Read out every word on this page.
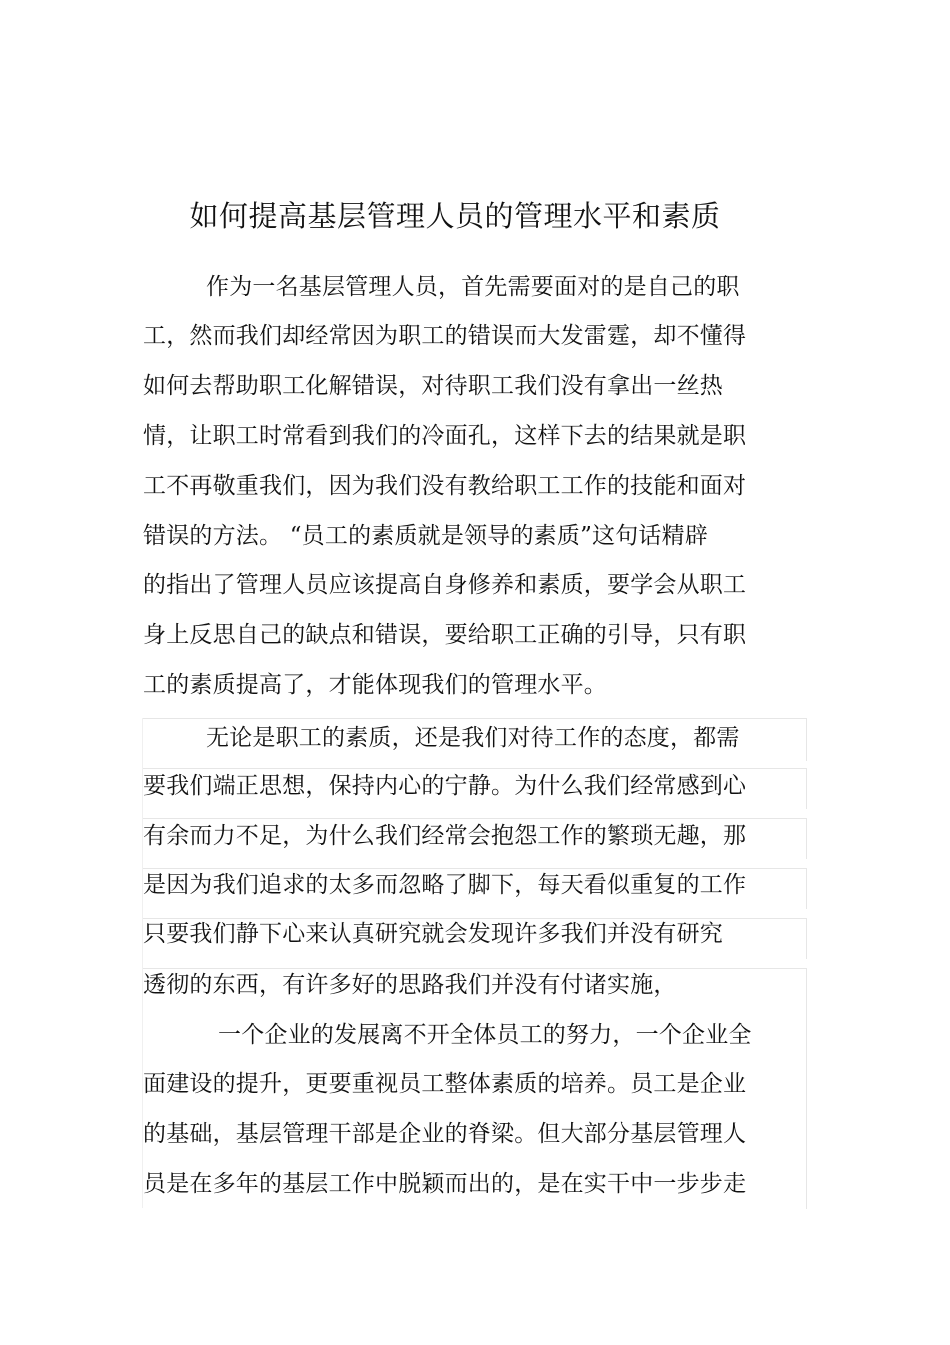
如何提高基层管理人员的管理水平和素质
作为一名基层管理人员，首先需要面对的是自己的职
工，然而我们却经常因为职工的错误而大发雷霆，却不懂得
如何去帮助职工化解错误，对待职工我们没有拿出一丝热
情，让职工时常看到我们的冷面孔，这样下去的结果就是职
工不再敬重我们，因为我们没有教给职工工作的技能和面对
错误的方法。 “员工的素质就是领导的素质”这句话精辟
的指出了管理人员应该提高自身修养和素质，要学会从职工
身上反思自己的缺点和错误，要给职工正确的引导，只有职
工的素质提高了，才能体现我们的管理水平。
无论是职工的素质，还是我们对待工作的态度，都需
要我们端正思想，保持内心的宁静。为什么我们经常感到心
有余而力不足，为什么我们经常会抱怨工作的繁琐无趣，那
是因为我们追求的太多而忽略了脚下，每天看似重复的工作
只要我们静下心来认真研究就会发现许多我们并没有研究
透彻的东西，有许多好的思路我们并没有付诸实施，
一个企业的发展离不开全体员工的努力，一个企业全
面建设的提升，更要重视员工整体素质的培养。员工是企业
的基础，基层管理干部是企业的脊梁。但大部分基层管理人
员是在多年的基层工作中脱颖而出的，是在实干中一步步走
